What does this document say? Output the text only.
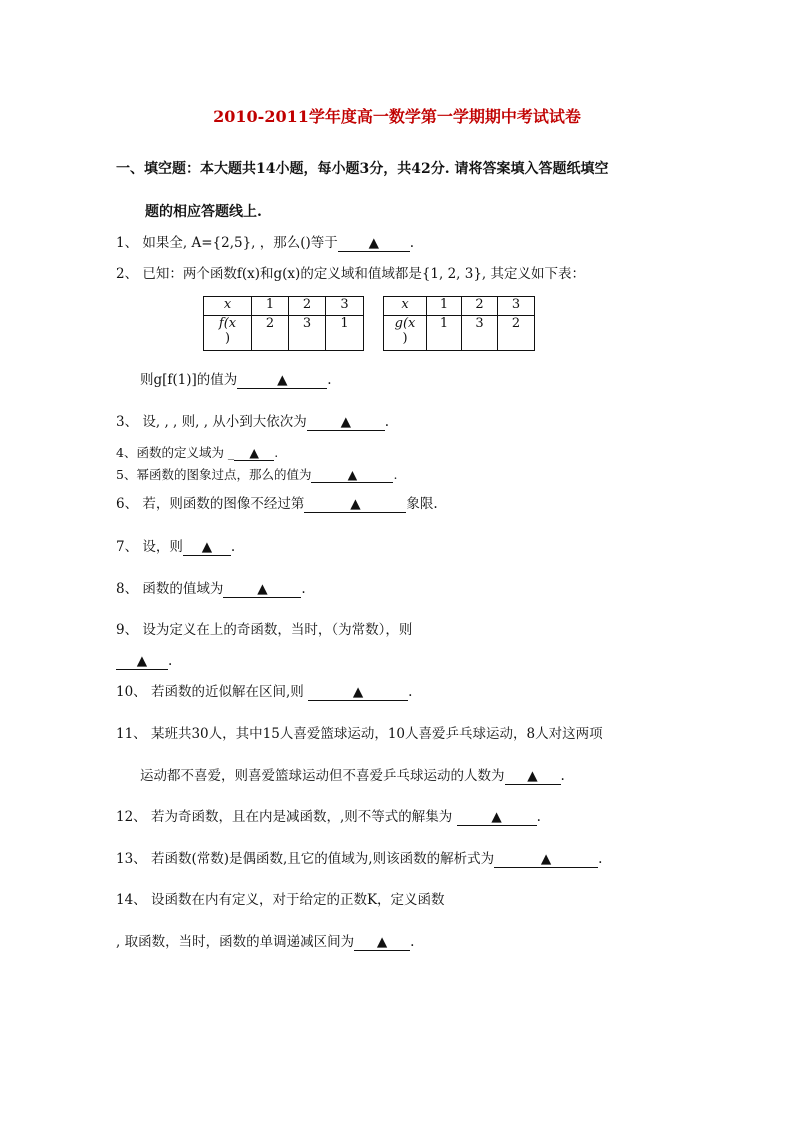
2010-2011学年度高一数学第一学期期中考试试卷
一、填空题：本大题共14小题，每小题3分，共42分. 请将答案填入答题纸填空
题的相应答题线上.
1、 如果全, A={2,5}, ，那么()等于 ▲ .
2、 已知：两个函数f(x)和g(x)的定义域和值域都是{1, 2, 3}, 其定义如下表：
x	1	2	3
f(x
)	2	3	1
x	1	2	3
g(x
)	1	3	2
则g[f(1)]的值为	▲	.
3、 设, , , 则, , 从小到大依次为	▲	.
4、函数的定义域为 _ ▲ .
5、幂函数的图象过点，那么的值为	▲	.
6、 若，则函数的图像不经过第	▲	象限.
7、 设，则 ▲ .
8、 函数的值域为	▲	.
9、 设为定义在上的奇函数，当时，（为常数），则
▲ .
10、 若函数的近似解在区间,则	▲	.
11、 某班共30人，其中15人喜爱篮球运动，10人喜爱乒乓球运动，8人对这两项
运动都不喜爱，则喜爱篮球运动但不喜爱乒乓球运动的人数为 ▲ .
12、 若为奇函数，且在内是减函数，,则不等式的解集为	▲	.
13、 若函数(常数)是偶函数,且它的值域为,则该函数的解析式为	▲	.
14、 设函数在内有定义，对于给定的正数K，定义函数
, 取函数，当时，函数的单调递减区间为 ▲ .
